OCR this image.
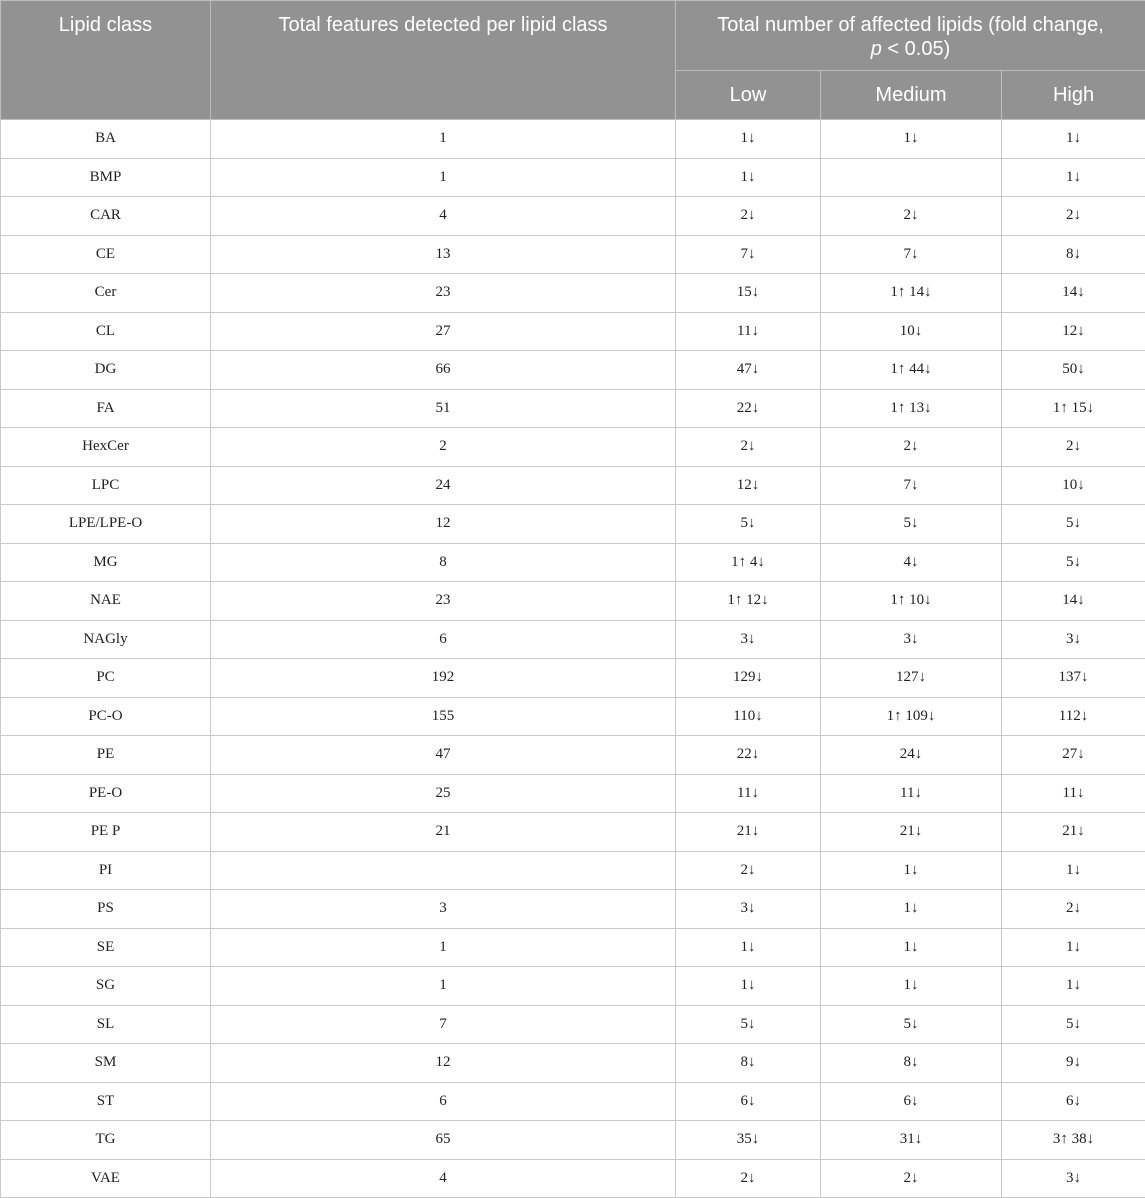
Lipid class	Total features detected per lipid class	Total number of affected lipids (fold change,
p < 0.05)		
		Low	Medium	High
BA	1	1↓	1↓	1↓
BMP	1	1↓		1↓
CAR	4	2↓	2↓	2↓
CE	13	7↓	7↓	8↓
Cer	23	15↓	1↑ 14↓	14↓
CL	27	11↓	10↓	12↓
DG	66	47↓	1↑ 44↓	50↓
FA	51	22↓	1↑ 13↓	1↑ 15↓
HexCer	2	2↓	2↓	2↓
LPC	24	12↓	7↓	10↓
LPE/LPE-O	12	5↓	5↓	5↓
MG	8	1↑ 4↓	4↓	5↓
NAE	23	1↑ 12↓	1↑ 10↓	14↓
NAGly	6	3↓	3↓	3↓
PC	192	129↓	127↓	137↓
PC-O	155	110↓	1↑ 109↓	112↓
PE	47	22↓	24↓	27↓
PE-O	25	11↓	11↓	11↓
PE P	21	21↓	21↓	21↓
PI		2↓	1↓	1↓
PS	3	3↓	1↓	2↓
SE	1	1↓	1↓	1↓
SG	1	1↓	1↓	1↓
SL	7	5↓	5↓	5↓
SM	12	8↓	8↓	9↓
ST	6	6↓	6↓	6↓
TG	65	35↓	31↓	3↑ 38↓
VAE	4	2↓	2↓	3↓
